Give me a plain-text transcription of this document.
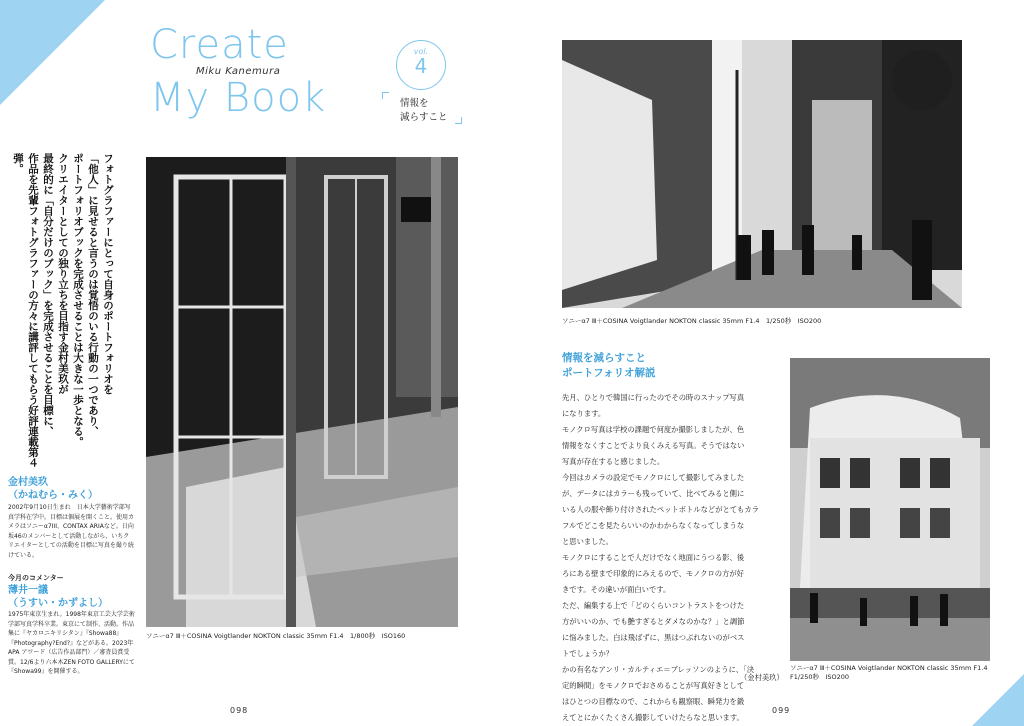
Create
Miku Kanemura
My Book
vol.
4
情報を
減らすこと
フォトグラファーにとって自身のポートフォリオを
「他人」に見せると言うのは覚悟のいる行動の一つであり、
ポートフォリオブックを完成させることは大きな一歩となる。
クリエイターとしての独り立ちを目指す金村美玖が
最終的に「自分だけのブック」を完成させることを目標に、
作品を先輩フォトグラファーの方々に講評してもらう好評連載第４弾。
ソニーα7 Ⅲ＋COSINA Voigtlander NOKTON classic 35mm F1.4　1/800秒　ISO160
金村美玖
（かねむら・みく）
2002年9月10日生まれ　日本大学藝術学部写真学科在学中。目標は個展を開くこと。使用カメラはソニーα7III、CONTAX ARIAなど。日向坂46のメンバーとして活動しながら、いちクリエイターとしての活動を目標に写真を撮り続けている。
今月のコメンター
薄井一議
（うすい・かずよし）
1975年東京生まれ。1998年東京工芸大学芸術学部写真学科卒業。東京にて制作、活動。作品集に『ヤカロニキリシタン』『Showa88』『Photography?End?』などがある。2023年APA アワード（広告作品部門）／審査員賞受賞。12/6より六本木ZEN FOTO GALLERYにて『Showa99』を開催する。
ソニーα7 Ⅲ＋COSINA Voigtlander NOKTON classic 35mm F1.4　1/250秒　ISO200
情報を減らすこと
ポートフォリオ解説
先月、ひとりで韓国に行ったのでその時のスナップ写真
になります。
モノクロ写真は学校の課題で何度か撮影しましたが、色
情報をなくすことでより良くみえる写真。そうではない
写真が存在すると感じました。
今回はカメラの設定でモノクロにして撮影してみました
が、データにはカラーも残っていて、比べてみると側に
いる人の服や飾り付けされたペットボトルなどがとてもカラ
フルでどこを見たらいいのかわからなくなってしまうな
と思いました。
モノクロにすることで人だけでなく地面にうつる影、後
ろにある壁まで印象的にみえるので、モノクロの方が好
きです。その違いが面白いです。
ただ、編集する上で「どのくらいコントラストをつけた
方がいいのか、でも艶すぎるとダメなのかな？」と調節
に悩みました。白は飛ばずに、黒はつぶれないのがベス
トでしょうか？
かの有名なアンリ・カルティエ＝ブレッソンのように、「決
定的瞬間」をモノクロでおさめることが写真好きとして
はひとつの目標なので、これからも観察眼、瞬発力を鍛
えてとにかくたくさん撮影していけたらなと思います。
（金村美玖）
ソニーα7 Ⅲ＋COSINA Voigtlander NOKTON classic 35mm F1.4
F1/250秒　ISO200
098	099
